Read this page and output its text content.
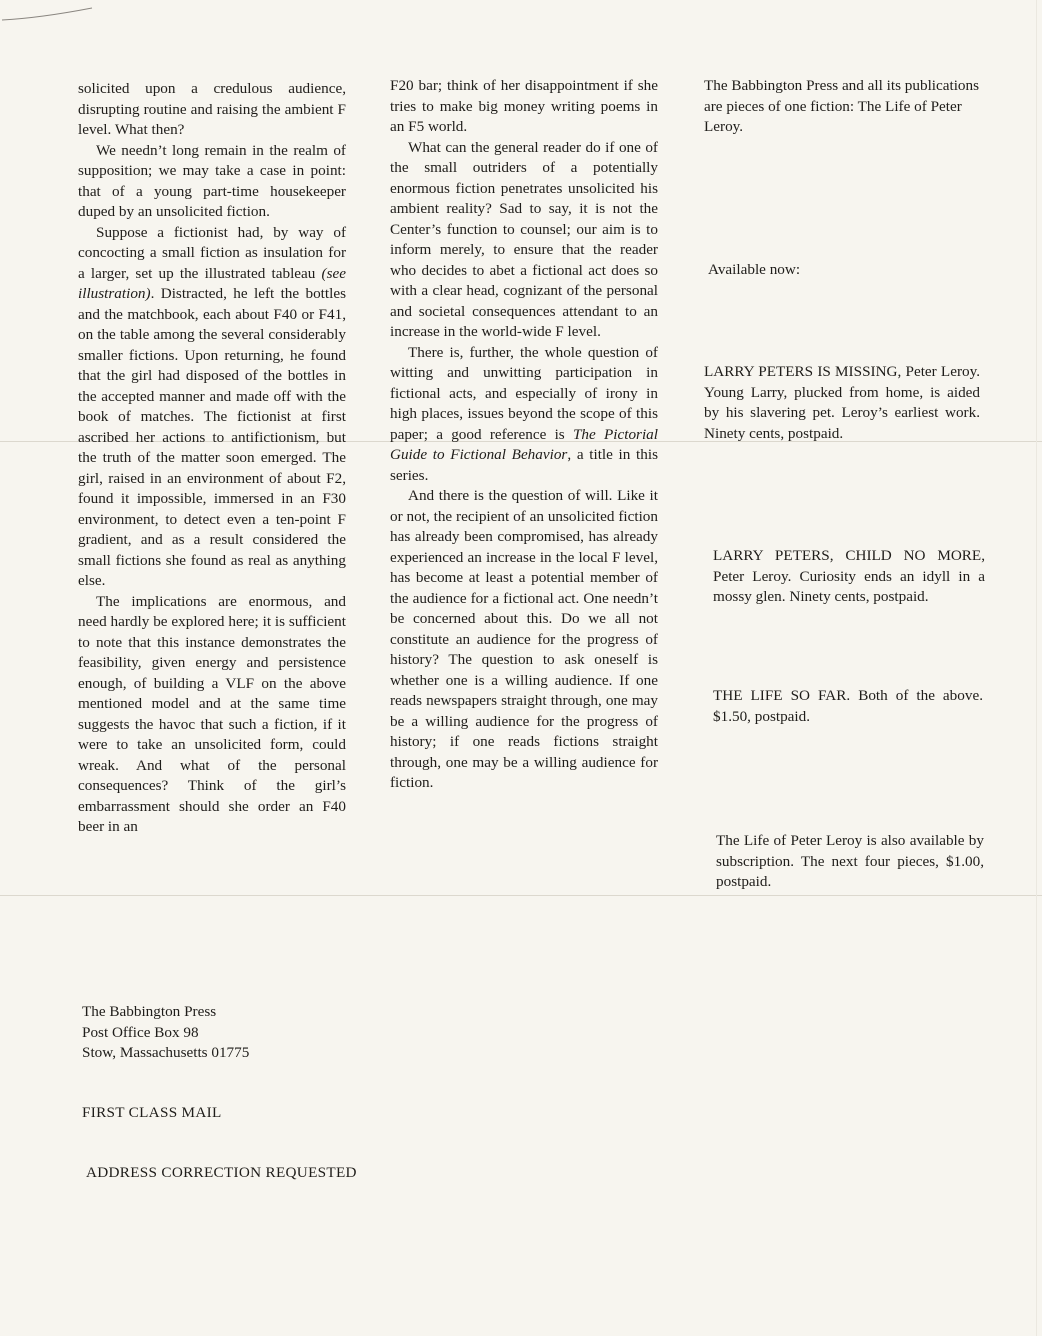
solicited upon a credulous audience, disrupting routine and raising the ambient F level. What then?

We needn’t long remain in the realm of supposition; we may take a case in point: that of a young part-time housekeeper duped by an unsolicited fiction.

Suppose a fictionist had, by way of concocting a small fiction as insulation for a larger, set up the illustrated tableau (see illustration). Distracted, he left the bottles and the matchbook, each about F40 or F41, on the table among the several considerably smaller fictions. Upon returning, he found that the girl had disposed of the bottles in the accepted manner and made off with the book of matches. The fictionist at first ascribed her actions to antifictionism, but the truth of the matter soon emerged. The girl, raised in an environment of about F2, found it impossible, immersed in an F30 environment, to detect even a ten-point F gradient, and as a result considered the small fictions she found as real as anything else.

The implications are enormous, and need hardly be explored here; it is sufficient to note that this instance demonstrates the feasibility, given energy and persistence enough, of building a VLF on the above mentioned model and at the same time suggests the havoc that such a fiction, if it were to take an unsolicited form, could wreak. And what of the personal consequences? Think of the girl’s embarrassment should she order an F40 beer in an

F20 bar; think of her disappointment if she tries to make big money writing poems in an F5 world.

What can the general reader do if one of the small outriders of a potentially enormous fiction penetrates unsolicited his ambient reality? Sad to say, it is not the Center’s function to counsel; our aim is to inform merely, to ensure that the reader who decides to abet a fictional act does so with a clear head, cognizant of the personal and societal consequences attendant to an increase in the world-wide F level.

There is, further, the whole question of witting and unwitting participation in fictional acts, and especially of irony in high places, issues beyond the scope of this paper; a good reference is The Pictorial Guide to Fictional Behavior, a title in this series.

And there is the question of will. Like it or not, the recipient of an unsolicited fiction has already been compromised, has already experienced an increase in the local F level, has become at least a potential member of the audience for a fictional act. One needn’t be concerned about this. Do we all not constitute an audience for the progress of history? The question to ask oneself is whether one is a willing audience. If one reads newspapers straight through, one may be a willing audience for the progress of history; if one reads fictions straight through, one may be a willing audience for fiction.

The Babbington Press and all its publications are pieces of one fiction: The Life of Peter Leroy.
Available now:
LARRY PETERS IS MISSING, Peter Leroy. Young Larry, plucked from home, is aided by his slavering pet. Leroy’s earliest work. Ninety cents, postpaid.
LARRY PETERS, CHILD NO MORE, Peter Leroy. Curiosity ends an idyll in a mossy glen. Ninety cents, postpaid.
THE LIFE SO FAR. Both of the above. $1.50, postpaid.
The Life of Peter Leroy is also available by subscription. The next four pieces, $1.00, postpaid.
The Babbington Press
Post Office Box 98
Stow, Massachusetts 01775
FIRST CLASS MAIL
ADDRESS CORRECTION REQUESTED
